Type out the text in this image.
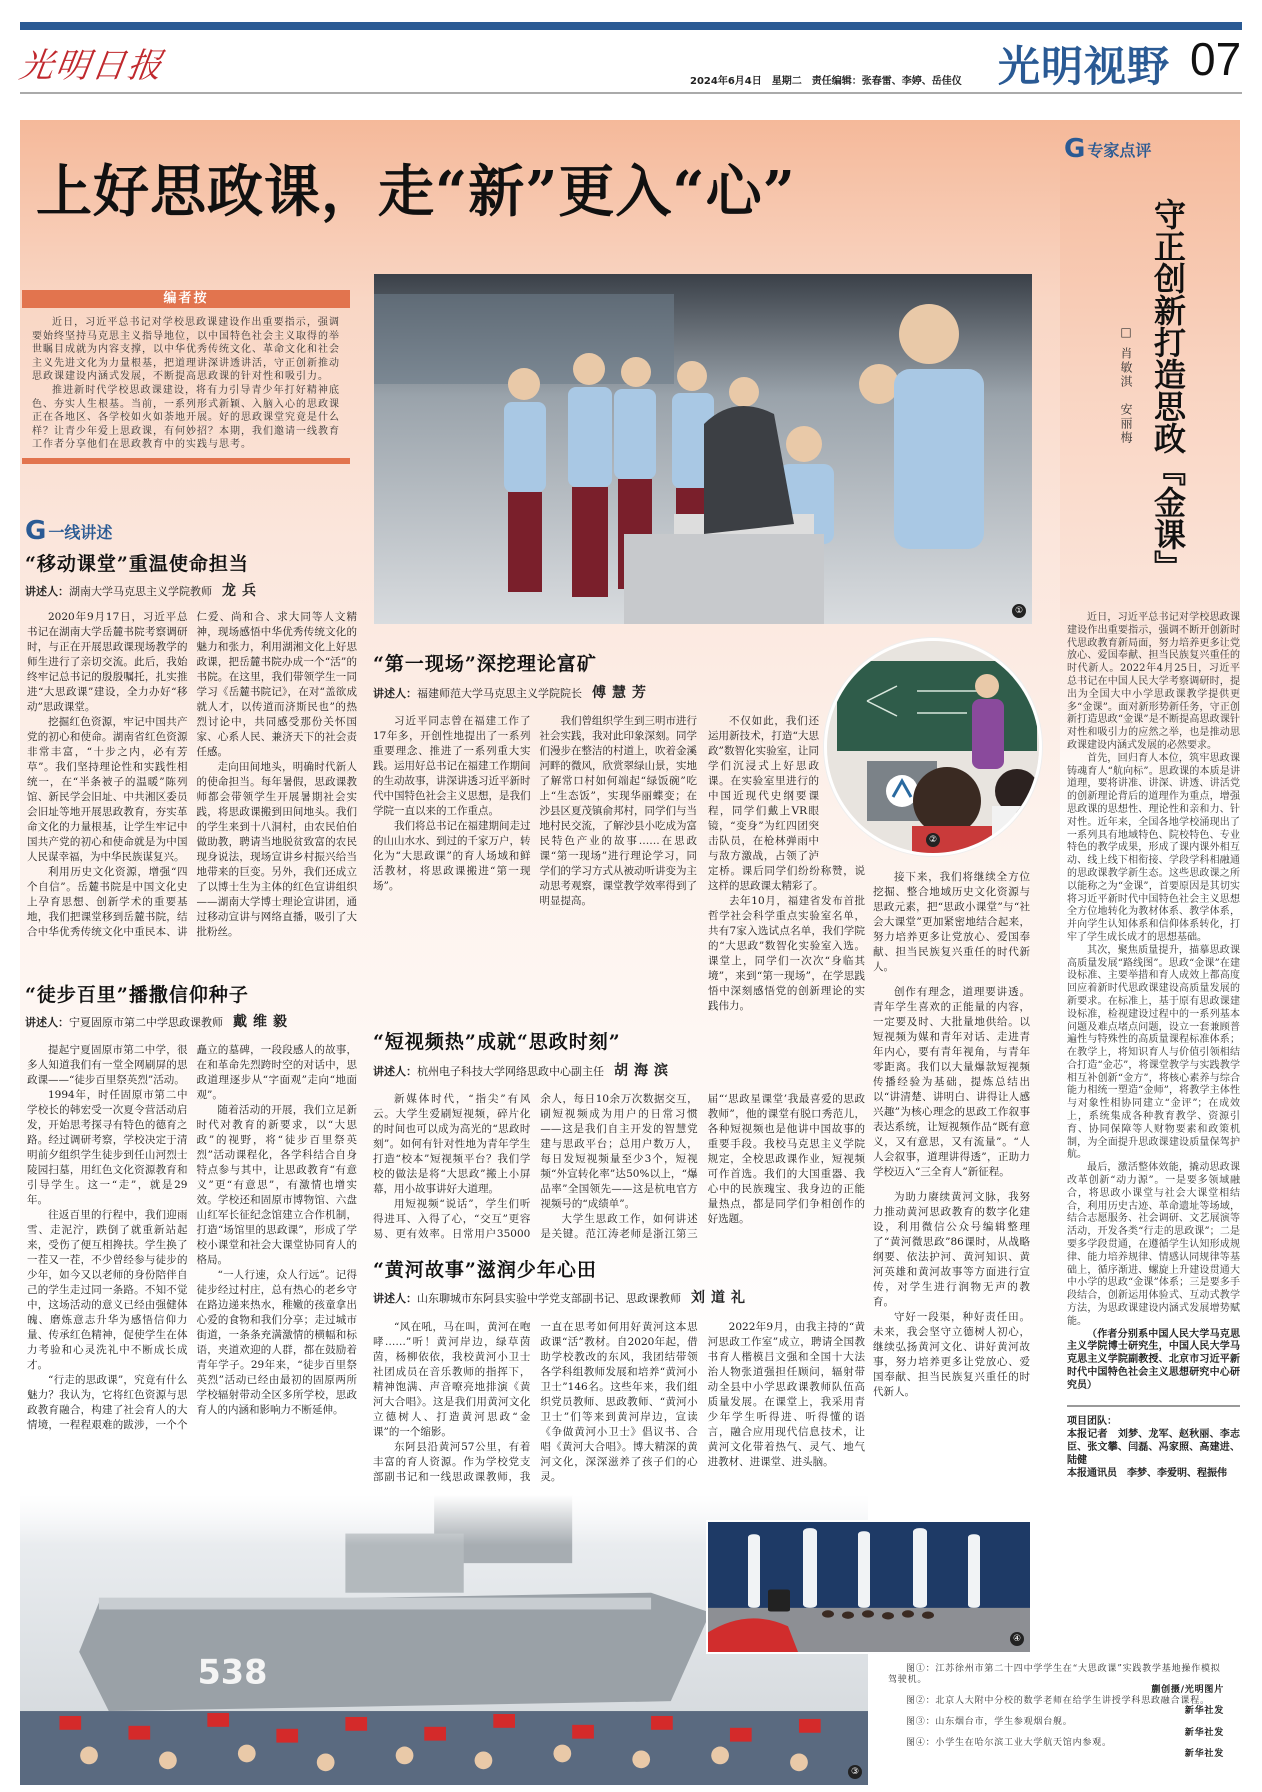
光明日报	2024年6月4日　星期二　责任编辑：张春雷、李婷、岳佳仪 光明视野 07
上好思政课，走“新”更入“心”
编者按

近日，习近平总书记对学校思政课建设作出重要指示，强调要始终坚持马克思主义指导地位，以中国特色社会主义取得的举世瞩目成就为内容支撑，以中华优秀传统文化、革命文化和社会主义先进文化为力量根基，把道理讲深讲透讲活，守正创新推动思政课建设内涵式发展，不断提高思政课的针对性和吸引力。

推进新时代学校思政课建设，将有力引导青少年打好精神底色、夯实人生根基。当前，一系列形式新颖、入脑入心的思政课正在各地区、各学校如火如荼地开展。好的思政课堂究竟是什么样？让青少年爱上思政课，有何妙招？本期，我们邀请一线教育工作者分享他们在思政教育中的实践与思考。

①
G 一线讲述
“移动课堂”重温使命担当
讲述人：湖南大学马克思主义学院教师 龙兵

2020年9月17日，习近平总书记在湖南大学岳麓书院考察调研时，与正在开展思政课现场教学的师生进行了亲切交流。此后，我始终牢记总书记的殷殷嘱托，扎实推进“大思政课”建设，全力办好“移动”思政课堂。

挖掘红色资源，牢记中国共产党的初心和使命。湖南省红色资源非常丰富，“十步之内，必有芳草”。我们坚持理论性和实践性相统一，在“半条被子的温暖”陈列馆、新民学会旧址、中共湘区委员会旧址等地开展思政教育，夯实革命文化的力量根基，让学生牢记中国共产党的初心和使命就是为中国人民谋幸福，为中华民族谋复兴。

利用历史文化资源，增强“四个自信”。岳麓书院是中国文化史上孕育思想、创新学术的重要基地，我们把课堂移到岳麓书院，结合中华优秀传统文化中重民本、讲仁爱、尚和合、求大同等人文精神，现场感悟中华优秀传统文化的魅力和张力，利用湖湘文化上好思政课，把岳麓书院办成一个“活”的书院。在这里，我们带领学生一同学习《岳麓书院记》，在对“盖欲成就人才，以传道而济斯民也”的热烈讨论中，共同感受那份关怀国家、心系人民、兼济天下的社会责任感。

走向田间地头，明确时代新人的使命担当。每年暑假，思政课教师都会带领学生开展暑期社会实践，将思政课搬到田间地头。我们的学生来到十八洞村，由农民伯伯做助教，聘请当地脱贫致富的农民现身说法，现场宣讲乡村振兴给当地带来的巨变。另外，我们还成立了以博士生为主体的红色宣讲组织——湖南大学博士理论宣讲团，通过移动宣讲与网络直播，吸引了大批粉丝。

“徒步百里”播撒信仰种子
讲述人：宁夏固原市第二中学思政课教师 戴维毅

提起宁夏固原市第二中学，很多人知道我们有一堂全网刷屏的思政课——“徒步百里祭英烈”活动。

1994年，时任固原市第二中学校长的韩宏受一次夏令营活动启发，开始思考探寻有特色的德育之路。经过调研考察，学校决定于清明前夕组织学生徒步到任山河烈士陵园扫墓，用红色文化资源教育和引导学生。这一“走”，就是29年。

往返百里的行程中，我们迎雨雪、走泥泞，跌倒了就重新站起来，受伤了便互相搀扶。学生换了一茬又一茬，不少曾经参与徒步的少年，如今又以老师的身份陪伴自己的学生走过同一条路。不知不觉中，这场活动的意义已经由强健体魄、磨炼意志升华为感悟信仰力量、传承红色精神，促使学生在体力考验和心灵洗礼中不断成长成才。

“行走的思政课”，究竟有什么魅力？我认为，它将红色资源与思政教育融合，构建了社会育人的大情境，一程程艰难的跋涉，一个个矗立的墓碑，一段段感人的故事，在和革命先烈跨时空的对话中，思政道理逐步从“字面观”走向“地面观”。

随着活动的开展，我们立足新时代对教育的新要求，以“大思政”的视野，将“徒步百里祭英烈”活动课程化，各学科结合自身特点参与其中，让思政教育“有意义”更“有意思”，有激情也增实效。学校还和固原市博物馆、六盘山红军长征纪念馆建立合作机制，打造“场馆里的思政课”，形成了学校小课堂和社会大课堂协同育人的格局。

“一人行速，众人行远”。记得徒步经过村庄，总有热心的老乡守在路边递来热水，稚嫩的孩童拿出心爱的食物和我们分享；走过城市街道，一条条充满激情的横幅和标语，夹道欢迎的人群，都在鼓励着青年学子。29年来，“徒步百里祭英烈”活动已经由最初的固原两所学校辐射带动全区多所学校，思政育人的内涵和影响力不断延伸。

②
“第一现场”深挖理论富矿
讲述人：福建师范大学马克思主义学院院长 傅慧芳

习近平同志曾在福建工作了17年多，开创性地提出了一系列重要理念、推进了一系列重大实践。运用好总书记在福建工作期间的生动故事，讲深讲透习近平新时代中国特色社会主义思想，是我们学院一直以来的工作重点。

我们将总书记在福建期间走过的山山水水、到过的千家万户，转化为“大思政课”的育人场域和鲜活教材，将思政课搬进“第一现场”。

我们曾组织学生到三明市进行社会实践，我对此印象深刻。同学们漫步在整洁的村道上，吹着金溪河畔的微风，欣赏翠绿山景，实地了解常口村如何端起“绿饭碗”吃上“生态饭”，实现华丽蝶变；在沙县区夏茂镇俞邦村，同学们与当地村民交流，了解沙县小吃成为富民特色产业的故事……在思政课“第一现场”进行理论学习，同学们的学习方式从被动听讲变为主动思考观察，课堂教学效率得到了明显提高。

不仅如此，我们还运用新技术，打造“大思政”数智化实验室，让同学们沉浸式上好思政课。在实验室里进行的中国近现代史纲要课程，同学们戴上VR眼镜，“变身”为红四团突击队员，在枪林弹雨中与敌方激战，占领了泸定桥。课后同学们纷纷称赞，说这样的思政课太精彩了。

去年10月，福建省发布首批哲学社会科学重点实验室名单，共有7家入选试点名单，我们学院的“大思政”数智化实验室入选。课堂上，同学们一次次“身临其境”，来到“第一现场”，在学思践悟中深刻感悟党的创新理论的实践伟力。

接下来，我们将继续全方位挖掘、整合地域历史文化资源与思政元素，把“思政小课堂”与“社会大课堂”更加紧密地结合起来，努力培养更多让党放心、爱国奉献、担当民族复兴重任的时代新人。

“短视频热”成就“思政时刻”
讲述人：杭州电子科技大学网络思政中心副主任 胡海滨

新媒体时代，“指尖”有风云。大学生爱刷短视频，碎片化的时间也可以成为高光的“思政时刻”。如何有针对性地为青年学生打造“校本”短视频平台？我们学校的做法是将“大思政”搬上小屏幕，用小故事讲好大道理。

用短视频“说话”，学生们听得进耳、入得了心，“交互”更容易、更有效率。日常用户35000余人，每日10余万次数据交互，刷短视频成为用户的日常习惯——这是我们自主开发的智慧党建与思政平台；总用户数万人，每日发短视频量至少3个，短视频“外宣转化率”达50%以上，“爆品率”全国领先——这是杭电官方视频号的“成绩单”。

大学生思政工作，如何讲述是关键。范江涛老师是浙江第三届“‘思政星课堂’我最喜爱的思政教师”，他的课堂有脱口秀范儿，各种短视频也是他讲中国故事的重要手段。我校马克思主义学院规定，全校思政课作业，短视频可作首选。我们的大国重器、我心中的民族瑰宝、我身边的正能量热点，都是同学们争相创作的好选题。

创作有理念，道理要讲透。青年学生喜欢的正能量的内容，一定要及时、大批量地供给。以短视频为媒和青年对话、走进青年内心，要有青年视角，与青年零距离。我们以大量爆款短视频传播经验为基础，提炼总结出以“讲清楚、讲明白、讲得让人感兴趣”为核心理念的思政工作叙事表达系统，让短视频作品“既有意义，又有意思，又有流量”。“人人会叙事，道理讲得透”，正助力学校迈入“三全育人”新征程。

“黄河故事”滋润少年心田
讲述人：山东聊城市东阿县实验中学党支部副书记、思政课教师 刘道礼

“风在吼，马在叫，黄河在咆哮……”听！黄河岸边，绿草茵茵，杨柳依依，我校黄河小卫士社团成员在音乐教师的指挥下，精神饱满、声音嘹亮地排演《黄河大合唱》。这是我们用黄河文化立德树人、打造黄河思政“金课”的一个缩影。

东阿县沿黄河57公里，有着丰富的育人资源。作为学校党支部副书记和一线思政课教师，我一直在思考如何用好黄河这本思政课“活”教材。自2020年起，借助学校教改的东风，我团结带领各学科组教师发展和培养“黄河小卫士”146名。这些年来，我们组织党员教师、思政教师、“黄河小卫士”们等来到黄河岸边，宣读《争做黄河小卫士》倡议书、合唱《黄河大合唱》。博大精深的黄河文化，深深滋养了孩子们的心灵。

2022年9月，由我主持的“黄河思政工作室”成立，聘请全国教书育人楷模吕文强和全国十大法治人物张道强担任顾问，辐射带动全县中小学思政课教师队伍高质量发展。在课堂上，我采用青少年学生听得进、听得懂的语言，融合应用现代信息技术，让黄河文化带着热气、灵气、地气进教材、进课堂、进头脑。

为助力赓续黄河文脉，我努力推动黄河思政教育的数字化建设，利用微信公众号编辑整理了“黄河微思政”86课时，从战略纲要、依法护河、黄河知识、黄河英雄和黄河故事等方面进行宣传，对学生进行润物无声的教育。

守好一段渠，种好责任田。未来，我会坚守立德树人初心，继续弘扬黄河文化、讲好黄河故事，努力培养更多让党放心、爱国奉献、担当民族复兴重任的时代新人。

538
③
④
G 专家点评
守正创新打造思政『金课』
□ 肖敏淇　安丽梅

近日，习近平总书记对学校思政课建设作出重要指示，强调不断开创新时代思政教育新局面，努力培养更多让党放心、爱国奉献、担当民族复兴重任的时代新人。2022年4月25日，习近平总书记在中国人民大学考察调研时，提出为全国大中小学思政课教学提供更多“金课”。面对新形势新任务，守正创新打造思政“金课”是不断提高思政课针对性和吸引力的应然之举，也是推动思政课建设内涵式发展的必然要求。

首先，回归育人本位，筑牢思政课铸魂育人“航向标”。思政课的本质是讲道理，要将讲准、讲深、讲透、讲活党的创新理论背后的道理作为重点，增强思政课的思想性、理论性和亲和力、针对性。近年来，全国各地学校涌现出了一系列具有地域特色、院校特色、专业特色的教学成果，形成了课内课外相互动、线上线下相衔接、学段学科相融通的思政课教学新生态。这些思政课之所以能称之为“金课”，首要原因是其切实将习近平新时代中国特色社会主义思想全方位地转化为教材体系、教学体系，并向学生认知体系和信仰体系转化，打牢了学生成长成才的思想基础。

其次，聚焦质量提升，描摹思政课高质量发展“路线图”。思政“金课”在建设标准、主要举措和育人成效上都高度回应着新时代思政课建设高质量发展的新要求。在标准上，基于原有思政课建设标准，检视建设过程中的一系列基本问题及难点堵点问题，设立一套兼顾普遍性与特殊性的高质量课程标准体系；在教学上，将知识育人与价值引领相结合打造“金芯”，将课堂教学与实践教学相互补创新“金方”，将核心素养与综合能力相统一塑造“金师”，将教学主体性与对象性相协同建立“金评”；在成效上，系统集成各种教育教学、资源引育、协同保障等人财物要素和政策机制，为全面提升思政课建设质量保驾护航。

最后，激活整体效能，撬动思政课改革创新“动力源”。一是要多领域融合，将思政小课堂与社会大课堂相结合，利用历史古迹、革命遗址等场域，结合志愿服务、社会调研、文艺展演等活动，开发各类“行走的思政课”；二是要多学段贯通，在遵循学生认知形成规律、能力培养规律、情感认同规律等基础上，循序渐进、螺旋上升建设贯通大中小学的思政“金课”体系；三是要多手段结合，创新运用体验式、互动式教学方法，为思政课建设内涵式发展增势赋能。

（作者分别系中国人民大学马克思主义学院博士研究生，中国人民大学马克思主义学院副教授、北京市习近平新时代中国特色社会主义思想研究中心研究员）

项目团队：
本报记者　刘梦、龙军、赵秋丽、李志臣、张文攀、闫磊、冯家照、高建进、陆健
本报通讯员　李梦、李爱明、程振伟
图①：江苏徐州市第二十四中学学生在“大思政课”实践教学基地操作模拟驾驶机。
蒯创摄/光明图片
图②：北京人大附中分校的数学老师在给学生讲授学科思政融合课程。
新华社发
图③：山东烟台市，学生参观烟台舰。
新华社发
图④：小学生在哈尔滨工业大学航天馆内参观。
新华社发
